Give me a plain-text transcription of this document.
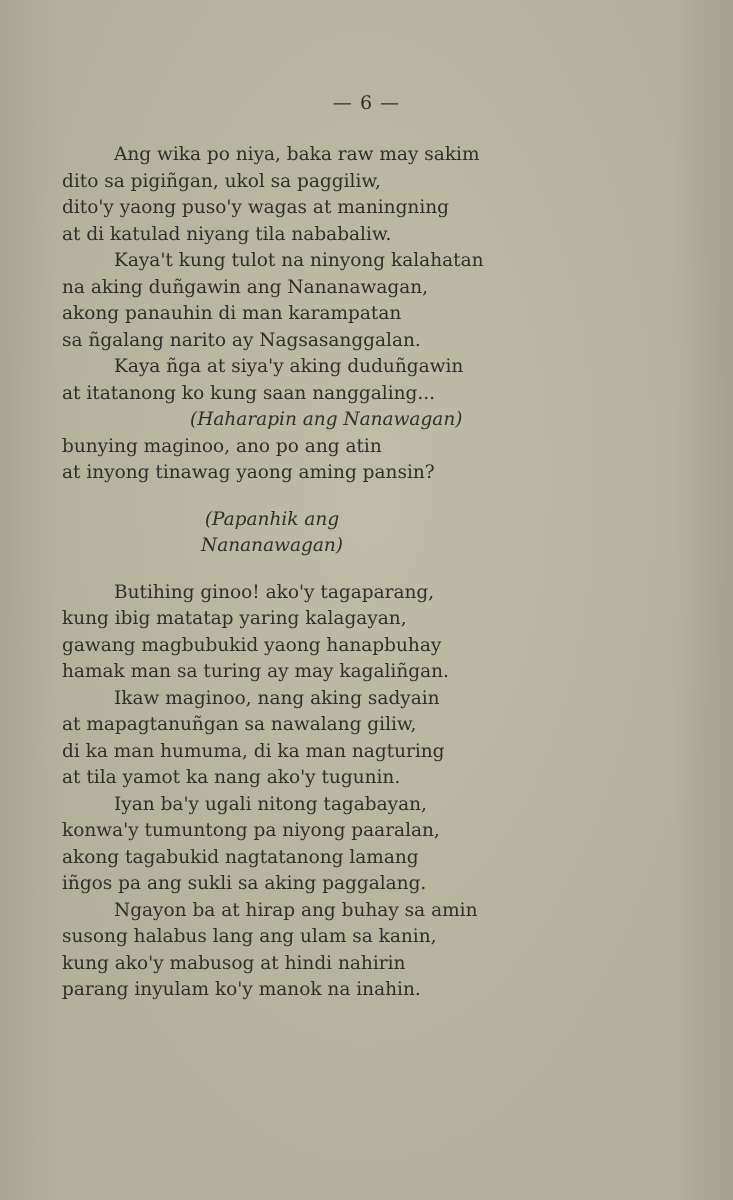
— 6 —
Ang wika po niya, baka raw may sakim
dito sa pigiñgan, ukol sa paggiliw,
dito'y yaong puso'y wagas at maningning
at di katulad niyang tila nababaliw.
Kaya't kung tulot na ninyong kalahatan
na aking duñgawin ang Nananawagan,
akong panauhin di man karampatan
sa ñgalang narito ay Nagsasanggalan.
Kaya ñga at siya'y aking duduñgawin
at itatanong ko kung saan nanggaling...
(Haharapin ang Nanawagan)
bunying maginoo, ano po ang atin
at inyong tinawag yaong aming pansin?
(Papanhik ang
Nananawagan)
Butihing ginoo! ako'y tagaparang,
kung ibig matatap yaring kalagayan,
gawang magbubukid yaong hanapbuhay
hamak man sa turing ay may kagaliñgan.
Ikaw maginoo, nang aking sadyain
at mapagtanuñgan sa nawalang giliw,
di ka man humuma, di ka man nagturing
at tila yamot ka nang ako'y tugunin.
Iyan ba'y ugali nitong tagabayan,
konwa'y tumuntong pa niyong paaralan,
akong tagabukid nagtatanong lamang
iñgos pa ang sukli sa aking paggalang.
Ngayon ba at hirap ang buhay sa amin
susong halabus lang ang ulam sa kanin,
kung ako'y mabusog at hindi nahirin
parang inyulam ko'y manok na inahin.
